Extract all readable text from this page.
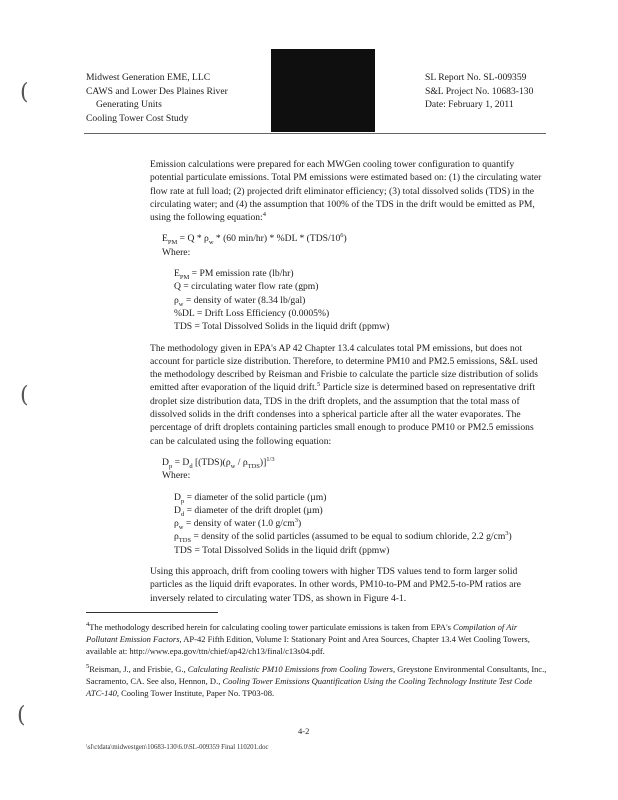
(
(
(
Midwest Generation EME, LLC
CAWS and Lower Des Plaines River
Generating Units
Cooling Tower Cost Study
SL Report No. SL-009359
S&L Project No. 10683-130
Date: February 1, 2011

Emission calculations were prepared for each MWGen cooling tower configuration to quantify potential particulate emissions. Total PM emissions were estimated based on: (1) the circulating water flow rate at full load; (2) projected drift eliminator efficiency; (3) total dissolved solids (TDS) in the circulating water; and (4) the assumption that 100% of the TDS in the drift would be emitted as PM, using the following equation:$^4$

$E_{PM} = Q * \rho_w * (60$ $\min/hr) * \%DL * (TDS/10^6)$

Where:

$E_{PM}$ = PM emission rate (lb/hr)

Q = circulating water flow rate (gpm)

$\rho_w$ = density of water (8.34 lb/gal)

%DL = Drift Loss Efficiency (0.0005%)

TDS = Total Dissolved Solids in the liquid drift (ppmw)

The methodology given in EPA's AP 42 Chapter 13.4 calculates total PM emissions, but does not account for particle size distribution. Therefore, to determine PM10 and PM2.5 emissions, S&L used the methodology described by Reisman and Frisbie to calculate the particle size distribution of solids emitted after evaporation of the liquid drift.$^5$ Particle size is determined based on representative drift droplet size distribution data, TDS in the drift droplets, and the assumption that the total mass of dissolved solids in the drift condenses into a spherical particle after all the water evaporates. The percentage of drift droplets containing particles small enough to produce PM10 or PM2.5 emissions can be calculated using the following equation:

$D_p = D_d$ $[(TDS)(\rho_w / \rho_{TDS})]^{1/3}$

Where:

$D_p$ = diameter of the solid particle (µm)

$D_d$ = diameter of the drift droplet (µm)

$\rho_w$ = density of water (1.0 $g/cm^3$)

$\rho_{TDS}$ = density of the solid particles (assumed to be equal to sodium chloride, 2.2 $g/cm^3$)

TDS = Total Dissolved Solids in the liquid drift (ppmw)

Using this approach, drift from cooling towers with higher TDS values tend to form larger solid particles as the liquid drift evaporates. In other words, PM10-to-PM and PM2.5-to-PM ratios are inversely related to circulating water TDS, as shown in Figure 4-1.

$^4$The methodology described herein for calculating cooling tower particulate emissions is taken from EPA's Compilation of Air Pollutant Emission Factors, AP-42 Fifth Edition, Volume I: Stationary Point and Area Sources, Chapter 13.4 Wet Cooling Towers, available at: http://www.epa.gov/ttn/chief/ap42/ch13/final/c13s04.pdf.

$^5$Reisman, J., and Frisbie, G., Calculating Realistic PM10 Emissions from Cooling Towers, Greystone Environmental Consultants, Inc., Sacramento, CA. See also, Hennon, D., Cooling Tower Emissions Quantification Using the Cooling Technology Institute Test Code ATC-140, Cooling Tower Institute, Paper No. TP03-08.

4-2
\sl\ctdata\midwestgen\10683-130\6.0\SL-009359 Final 110201.doc
